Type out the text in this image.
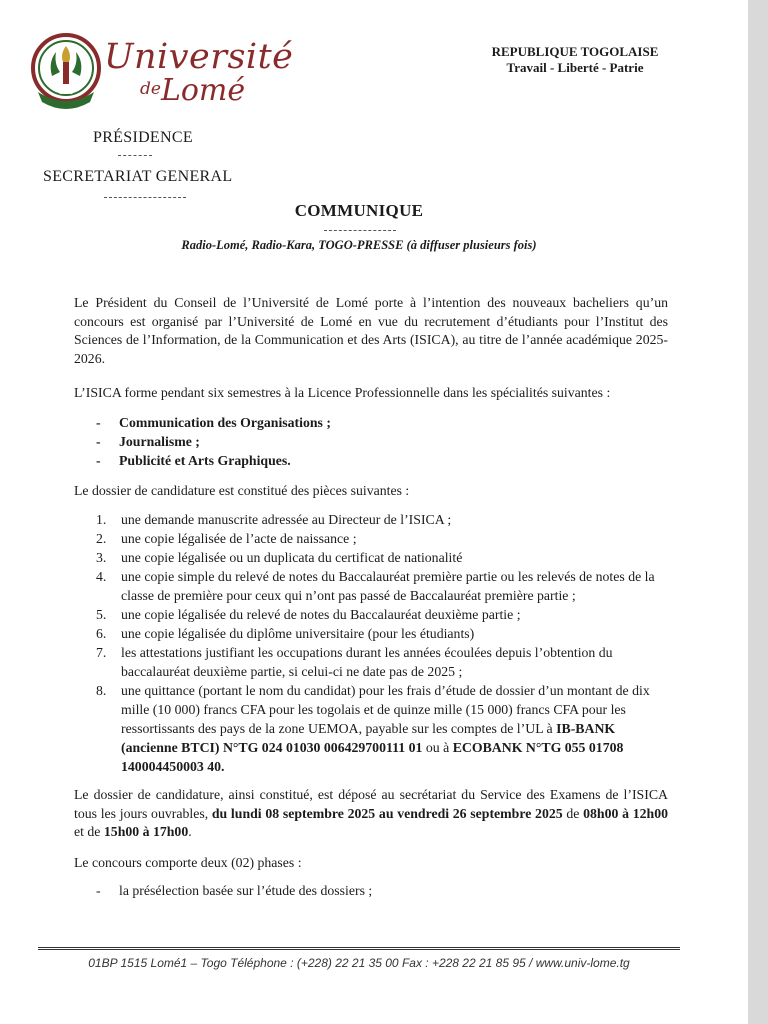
LOMÉ
Université
$^{de}$Lomé
REPUBLIQUE TOGOLAISE
Travail - Liberté - Patrie
PRÉSIDENCE
SECRETARIAT GENERAL
COMMUNIQUE
Radio-Lomé, Radio-Kara, TOGO-PRESSE (à diffuser plusieurs fois)

Le Président du Conseil de l’Université de Lomé porte à l’intention des nouveaux bacheliers qu’un concours est organisé par l’Université de Lomé en vue du recrutement d’étudiants pour l’Institut des Sciences de l’Information, de la Communication et des Arts (ISICA), au titre de l’année académique 2025-2026.

L’ISICA forme pendant six semestres à la Licence Professionnelle dans les spécialités suivantes :

- Communication des Organisations ;
- Journalisme ;
- Publicité et Arts Graphiques.

Le dossier de candidature est constitué des pièces suivantes :

1. une demande manuscrite adressée au Directeur de l’ISICA ;
2. une copie légalisée de l’acte de naissance ;
3. une copie légalisée ou un duplicata du certificat de nationalité
4. une copie simple du relevé de notes du Baccalauréat première partie ou les relevés de notes de la classe de première pour ceux qui n’ont pas passé de Baccalauréat première partie ;
5. une copie légalisée du relevé de notes du Baccalauréat deuxième partie ;
6. une copie légalisée du diplôme universitaire (pour les étudiants)
7. les attestations justifiant les occupations durant les années écoulées depuis l’obtention du baccalauréat deuxième partie, si celui-ci ne date pas de 2025 ;
8. une quittance (portant le nom du candidat) pour les frais d’étude de dossier d’un montant de dix mille (10 000) francs CFA pour les togolais et de quinze mille (15 000) francs CFA pour les ressortissants des pays de la zone UEMOA, payable sur les comptes de l’UL à IB-BANK (ancienne BTCI) N°TG 024 01030 006429700111 01 ou à ECOBANK N°TG 055 01708 140004450003 40.

Le dossier de candidature, ainsi constitué, est déposé au secrétariat du Service des Examens de l’ISICA tous les jours ouvrables, du lundi 08 septembre 2025 au vendredi 26 septembre 2025 de 08h00 à 12h00 et de 15h00 à 17h00.

Le concours comporte deux (02) phases :

- la présélection basée sur l’étude des dossiers ;

01BP 1515 Lomé1 – Togo Téléphone : (+228) 22 21 35 00 Fax : +228 22 21 85 95 / www.univ-lome.tg
